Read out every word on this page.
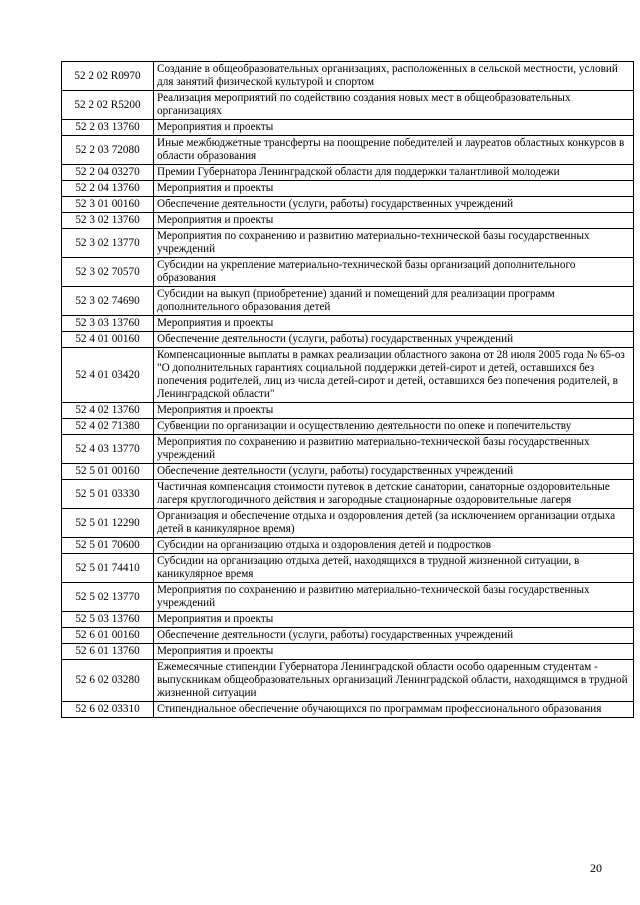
52 2 02 R0970	Создание в общеобразовательных организациях, расположенных в сельской местности, условий для занятий физической культурой и спортом
52 2 02 R5200	Реализация мероприятий по содействию создания новых мест в общеобразовательных организациях
52 2 03 13760	Мероприятия и проекты
52 2 03 72080	Иные межбюджетные трансферты на поощрение победителей и лауреатов областных конкурсов в области образования
52 2 04 03270	Премии Губернатора Ленинградской области для поддержки талантливой молодежи
52 2 04 13760	Мероприятия и проекты
52 3 01 00160	Обеспечение деятельности (услуги, работы) государственных учреждений
52 3 02 13760	Мероприятия и проекты
52 3 02 13770	Мероприятия по сохранению и развитию материально-технической базы государственных учреждений
52 3 02 70570	Субсидии на укрепление материально-технической базы организаций дополнительного образования
52 3 02 74690	Субсидии на выкуп (приобретение) зданий и помещений для реализации программ дополнительного образования детей
52 3 03 13760	Мероприятия и проекты
52 4 01 00160	Обеспечение деятельности (услуги, работы) государственных учреждений
52 4 01 03420	Компенсационные выплаты в рамках реализации областного закона от 28 июля 2005 года № 65-оз "О дополнительных гарантиях социальной поддержки детей-сирот и детей, оставшихся без попечения родителей, лиц из числа детей-сирот и детей, оставшихся без попечения родителей, в Ленинградской области"
52 4 02 13760	Мероприятия и проекты
52 4 02 71380	Субвенции по организации и осуществлению деятельности по опеке и попечительству
52 4 03 13770	Мероприятия по сохранению и развитию материально-технической базы государственных учреждений
52 5 01 00160	Обеспечение деятельности (услуги, работы) государственных учреждений
52 5 01 03330	Частичная компенсация стоимости путевок в детские санатории, санаторные оздоровительные лагеря круглогодичного действия и загородные стационарные оздоровительные лагеря
52 5 01 12290	Организация и обеспечение отдыха и оздоровления детей (за исключением организации отдыха детей в каникулярное время)
52 5 01 70600	Субсидии на организацию отдыха и оздоровления детей и подростков
52 5 01 74410	Субсидии на организацию отдыха детей, находящихся в трудной жизненной ситуации, в каникулярное время
52 5 02 13770	Мероприятия по сохранению и развитию материально-технической базы государственных учреждений
52 5 03 13760	Мероприятия и проекты
52 6 01 00160	Обеспечение деятельности (услуги, работы) государственных учреждений
52 6 01 13760	Мероприятия и проекты
52 6 02 03280	Ежемесячные стипендии Губернатора Ленинградской области особо одаренным студентам - выпускникам общеобразовательных организаций Ленинградской области, находящимся в трудной жизненной ситуации
52 6 02 03310	Стипендиальное обеспечение обучающихся по программам профессионального образования
20
